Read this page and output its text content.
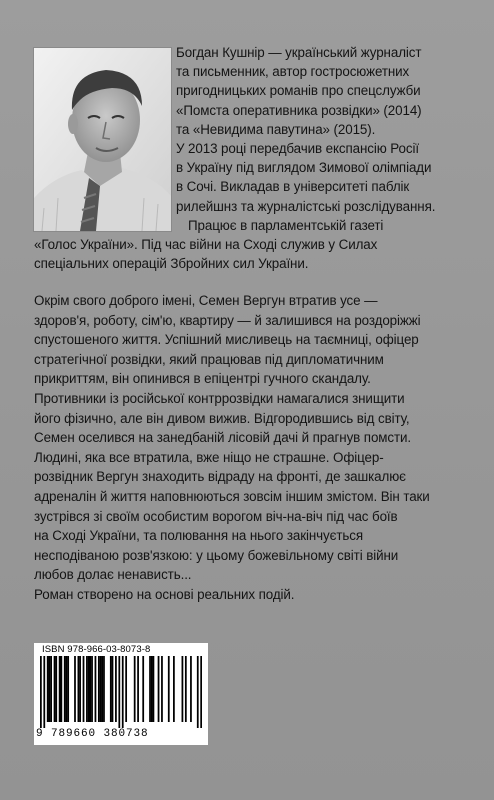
Богдан Кушнір — український журналіст

та письменник, автор гостросюжетних

пригодницьких романів про спецслужби

«Помста оперативника розвідки» (2014)

та «Невидима павутина» (2015).

У 2013 році передбачив експансію Росії

в Україну під виглядом Зимової олімпіади

в Сочі. Викладав в університеті паблік

рилейшнз та журналістські розслідування.

Працює в парламентській газеті

«Голос України». Під час війни на Сході служив у Силах

спеціальних операцій Збройних сил України.

Окрім свого доброго імені, Семен Вергун втратив усе —

здоров'я, роботу, сім'ю, квартиру — й залишився на роздоріжжі

спустошеного життя. Успішний мисливець на таємниці, офіцер

стратегічної розвідки, який працював під дипломатичним

прикриттям, він опинився в епіцентрі гучного скандалу.

Противники із російської контррозвідки намагалися знищити

його фізично, але він дивом вижив. Відгородившись від світу,

Семен оселився на занедбаній лісовій дачі й прагнув помсти.

Людині, яка все втратила, вже ніщо не страшне. Офіцер-

розвідник Вергун знаходить відраду на фронті, де зашкалює

адреналін й життя наповнюються зовсім іншим змістом. Він таки

зустрівся зі своїм особистим ворогом віч-на-віч під час боїв

на Сході України, та полювання на нього закінчується

несподіваною розв'язкою: у цьому божевільному світі війни

любов долає ненависть...

Роман створено на основі реальних подій.

ISBN 978-966-03-8073-8
9 789660 380738
